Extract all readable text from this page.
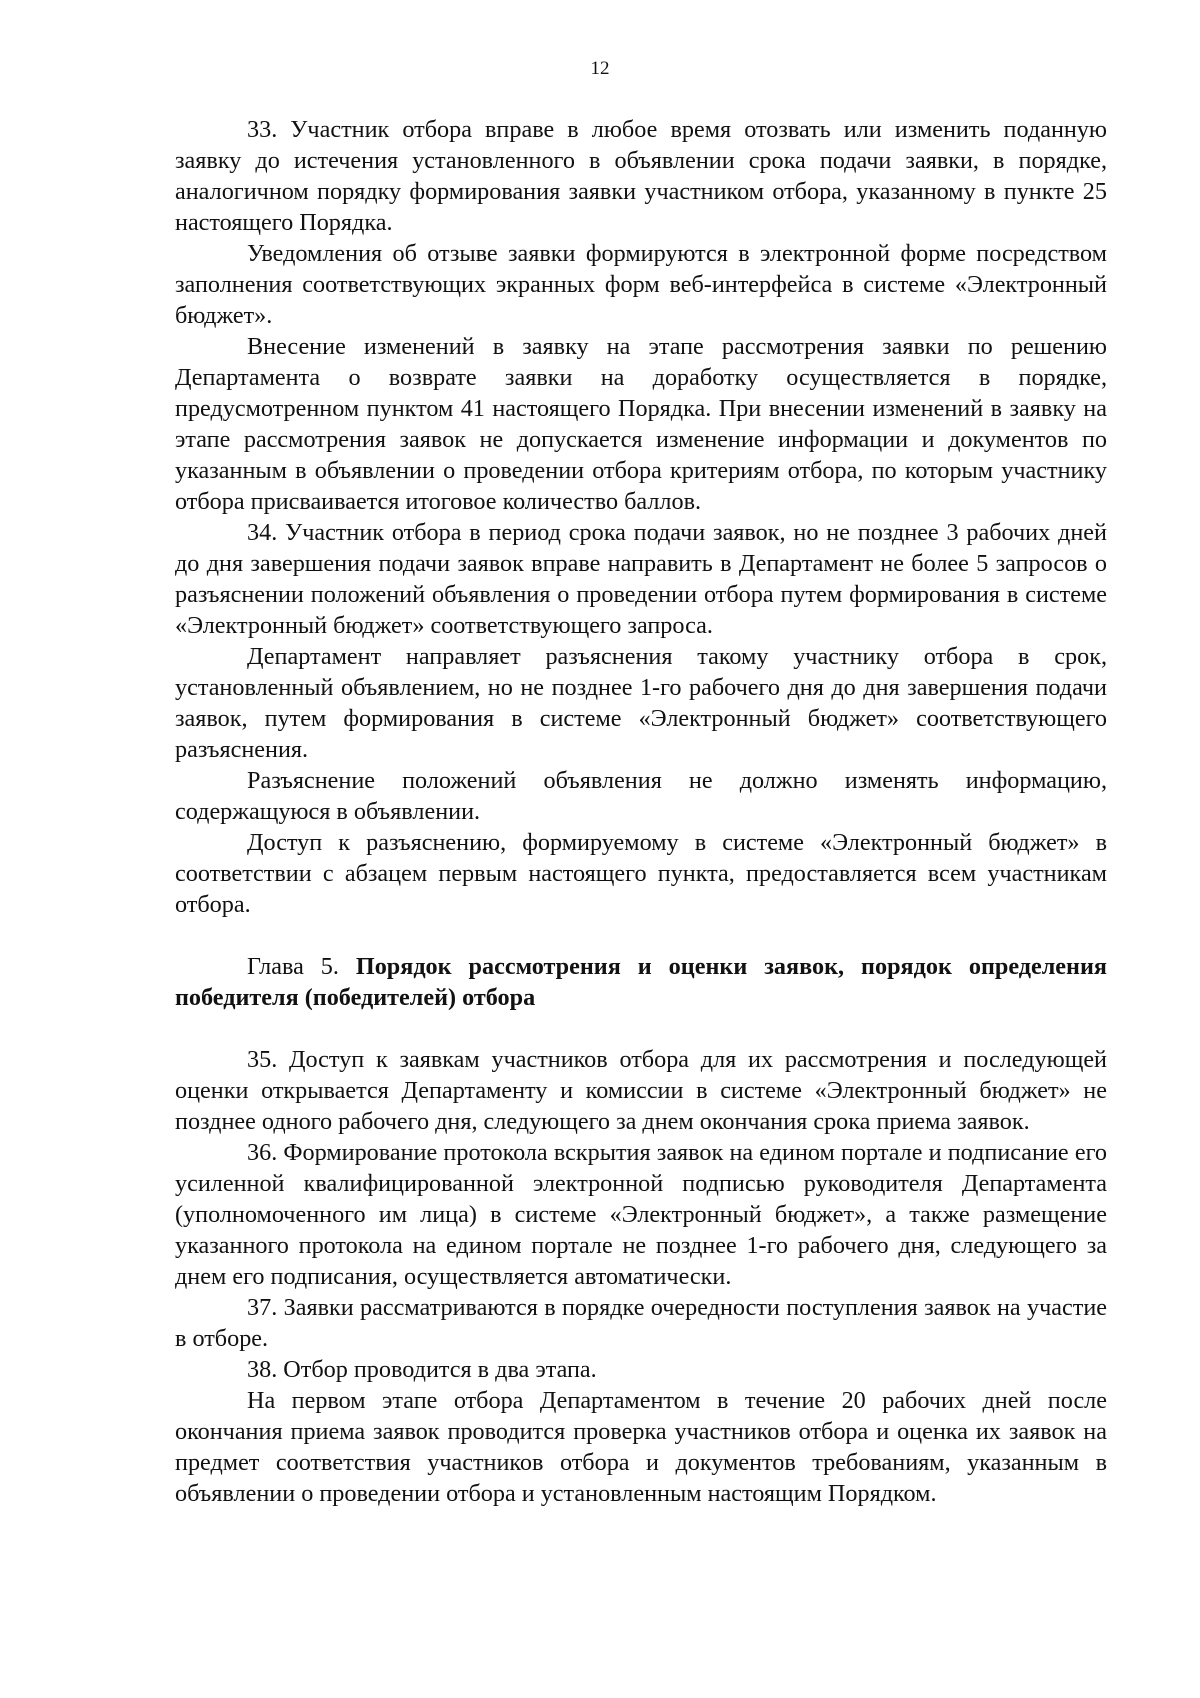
12

33. Участник отбора вправе в любое время отозвать или изменить поданную заявку до истечения установленного в объявлении срока подачи заявки, в порядке, аналогичном порядку формирования заявки участником отбора, указанному в пункте 25 настоящего Порядка.

Уведомления об отзыве заявки формируются в электронной форме посредством заполнения соответствующих экранных форм веб-интерфейса в системе «Электронный бюджет».

Внесение изменений в заявку на этапе рассмотрения заявки по решению Департамента о возврате заявки на доработку осуществляется в порядке, предусмотренном пунктом 41 настоящего Порядка. При внесении изменений в заявку на этапе рассмотрения заявок не допускается изменение информации и документов по указанным в объявлении о проведении отбора критериям отбора, по которым участнику отбора присваивается итоговое количество баллов.

34. Участник отбора в период срока подачи заявок, но не позднее 3 рабочих дней до дня завершения подачи заявок вправе направить в Департамент не более 5 запросов о разъяснении положений объявления о проведении отбора путем формирования в системе «Электронный бюджет» соответствующего запроса.

Департамент направляет разъяснения такому участнику отбора в срок, установленный объявлением, но не позднее 1-го рабочего дня до дня завершения подачи заявок, путем формирования в системе «Электронный бюджет» соответствующего разъяснения.

Разъяснение положений объявления не должно изменять информацию, содержащуюся в объявлении.

Доступ к разъяснению, формируемому в системе «Электронный бюджет» в соответствии с абзацем первым настоящего пункта, предоставляется всем участникам отбора.

Глава 5. Порядок рассмотрения и оценки заявок, порядок определения победителя (победителей) отбора

35. Доступ к заявкам участников отбора для их рассмотрения и последующей оценки открывается Департаменту и комиссии в системе «Электронный бюджет» не позднее одного рабочего дня, следующего за днем окончания срока приема заявок.

36. Формирование протокола вскрытия заявок на едином портале и подписание его усиленной квалифицированной электронной подписью руководителя Департамента (уполномоченного им лица) в системе «Электронный бюджет», а также размещение указанного протокола на едином портале не позднее 1-го рабочего дня, следующего за днем его подписания, осуществляется автоматически.

37. Заявки рассматриваются в порядке очередности поступления заявок на участие в отборе.

38. Отбор проводится в два этапа.

На первом этапе отбора Департаментом в течение 20 рабочих дней после окончания приема заявок проводится проверка участников отбора и оценка их заявок на предмет соответствия участников отбора и документов требованиям, указанным в объявлении о проведении отбора и установленным настоящим Порядком.
